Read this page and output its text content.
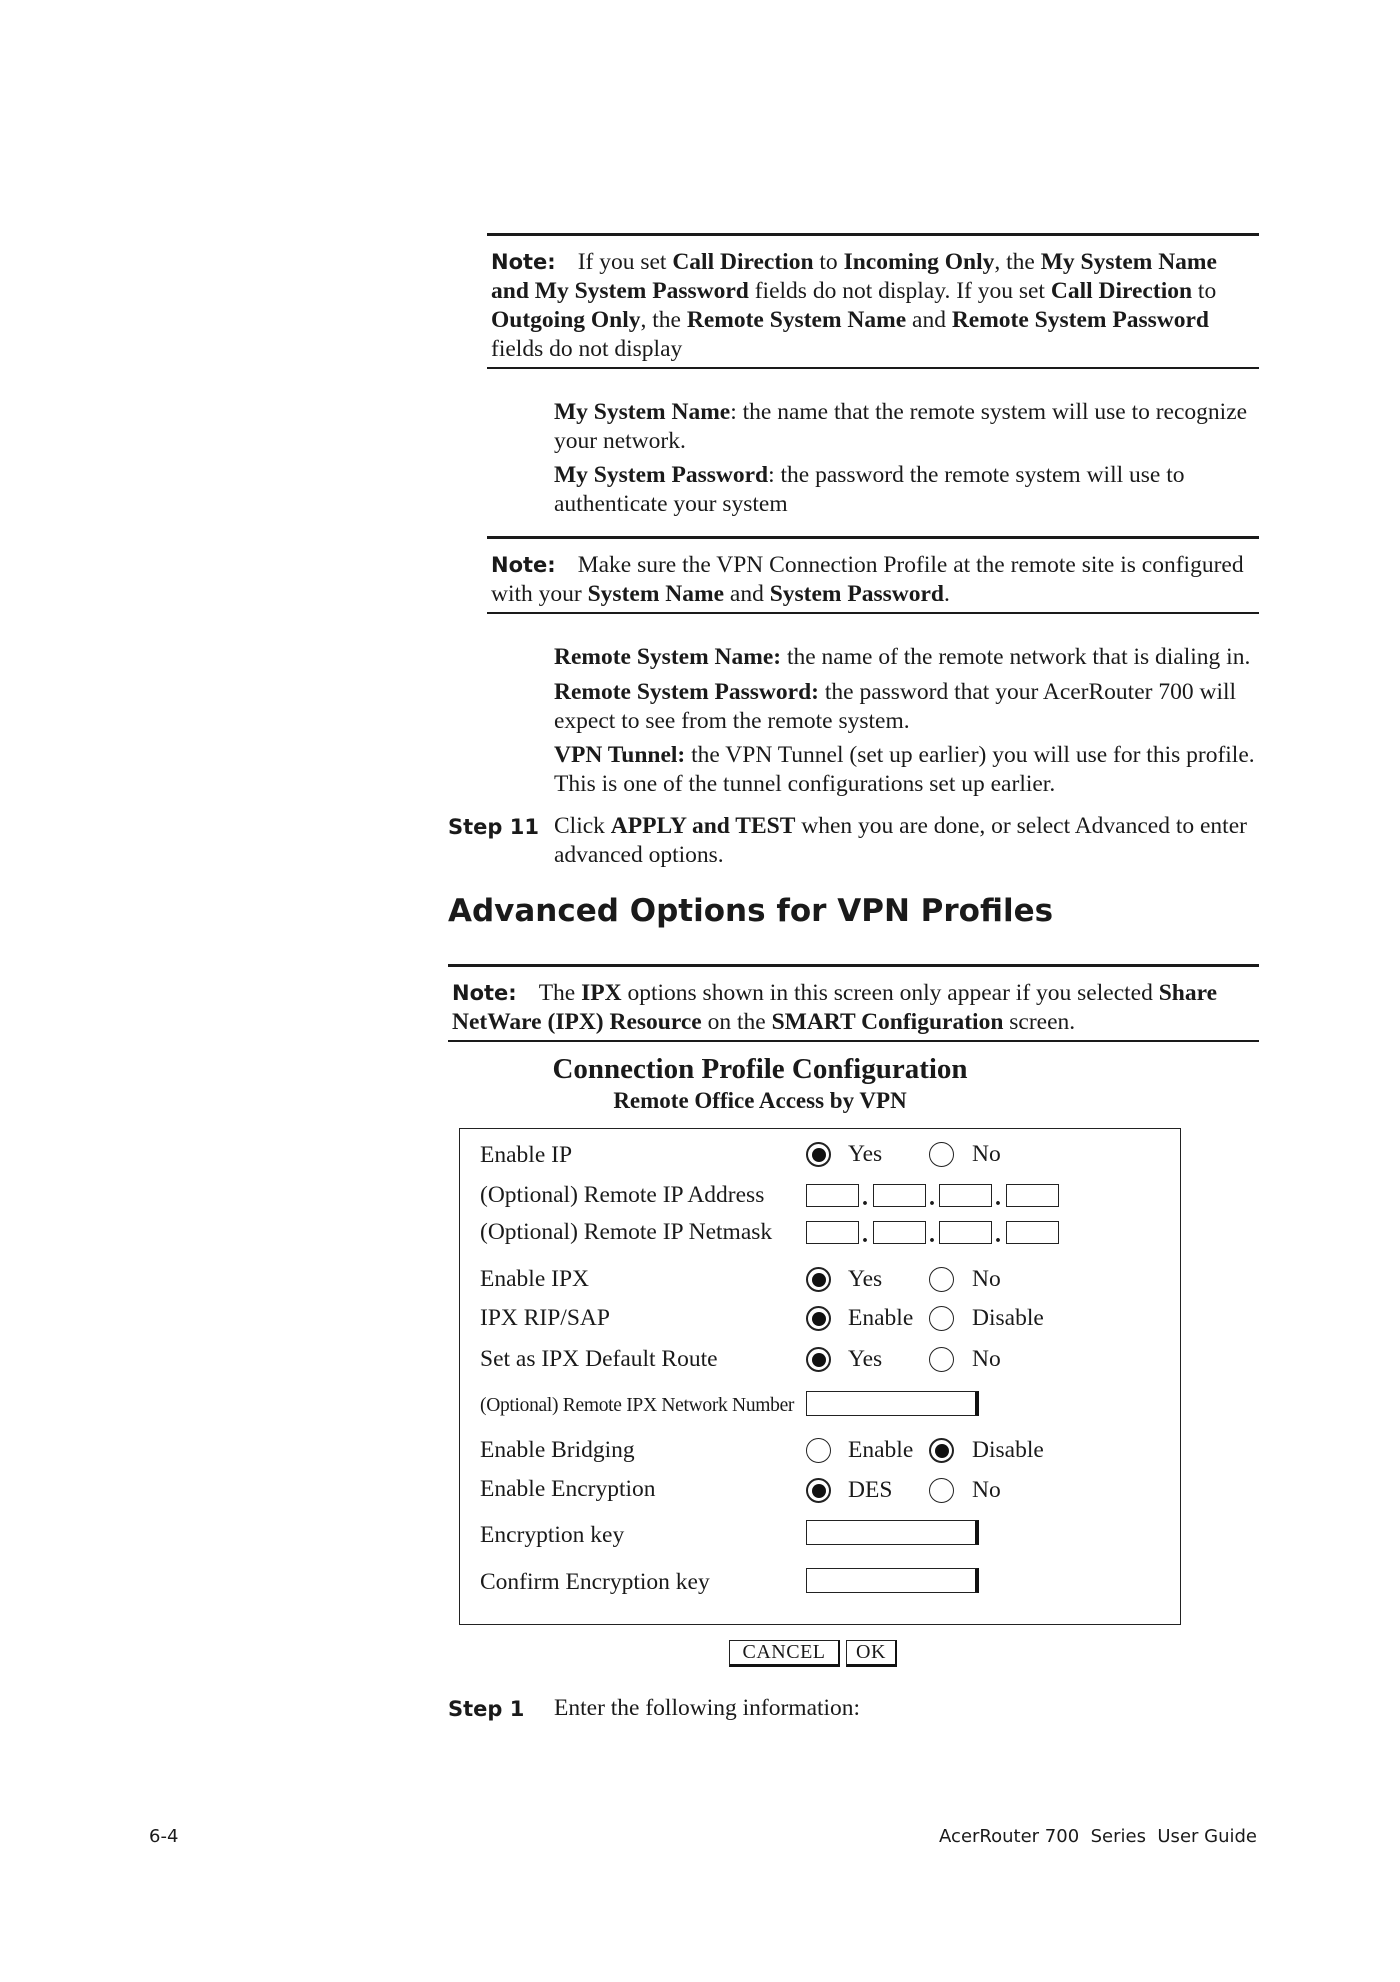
Note: If you set Call Direction to Incoming Only, the My System Name and My System Password fields do not display. If you set Call Direction to Outgoing Only, the Remote System Name and Remote System Password fields do not display
My System Name: the name that the remote system will use to recognize your network.
My System Password: the password the remote system will use to authenticate your system
Note: Make sure the VPN Connection Profile at the remote site is configured with your System Name and System Password.
Remote System Name: the name of the remote network that is dialing in.
Remote System Password: the password that your AcerRouter 700 will expect to see from the remote system.
VPN Tunnel: the VPN Tunnel (set up earlier) you will use for this profile. This is one of the tunnel configurations set up earlier.
Step 11 Click APPLY and TEST when you are done, or select Advanced to enter advanced options.
Advanced Options for VPN Profiles
Note: The IPX options shown in this screen only appear if you selected Share NetWare (IPX) Resource on the SMART Configuration screen.
Connection Profile Configuration
Remote Office Access by VPN
Enable IP	Yes	No
(Optional) Remote IP Address	.	.	.
(Optional) Remote IP Netmask	.	.	.
Enable IPX	Yes	No
IPX RIP/SAP	Enable	Disable
Set as IPX Default Route	Yes	No
(Optional) Remote IPX Network Number
Enable Bridging	Enable	Disable
Enable Encryption	DES	No
Encryption key
Confirm Encryption key
CANCEL	OK
Step 1 Enter the following information:
6-4	AcerRouter 700  Series  User Guide
